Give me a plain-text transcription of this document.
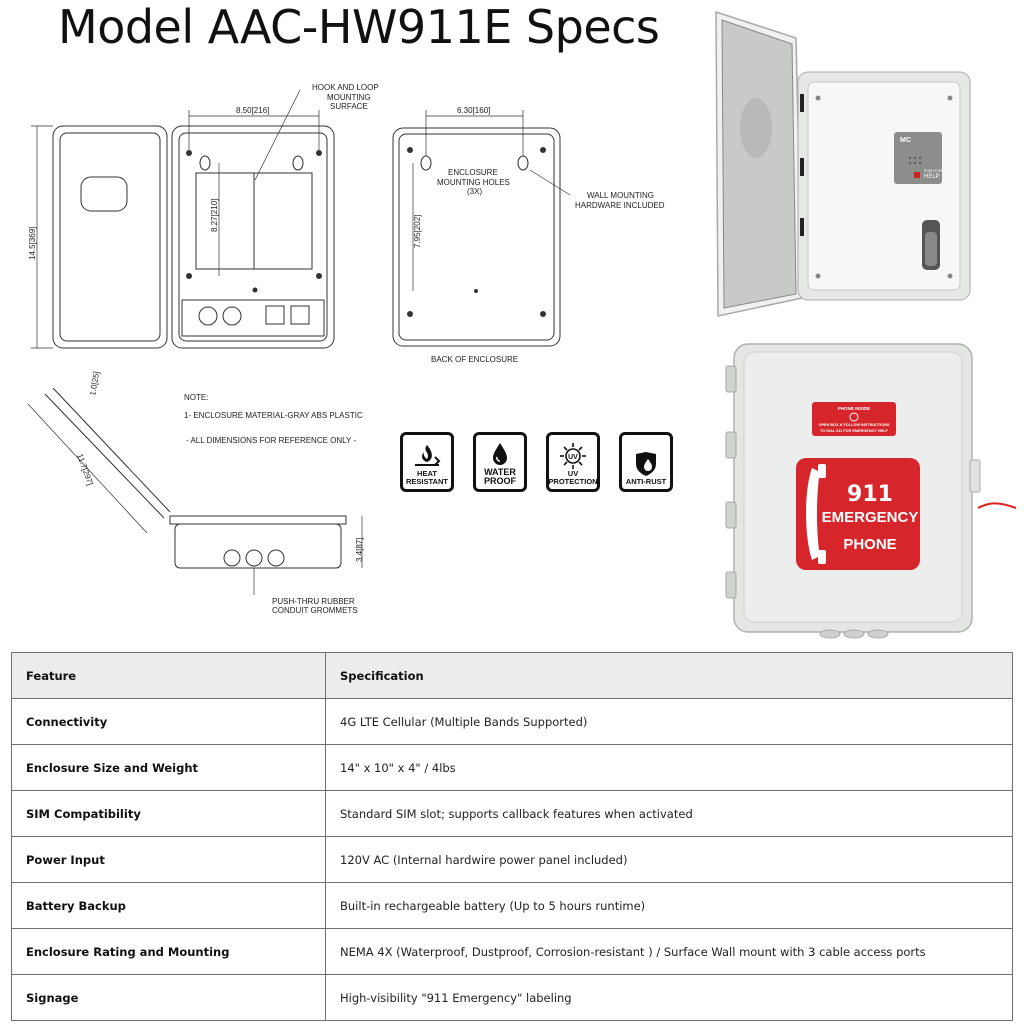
Model AAC-HW911E Specs
8.50[216]
14.5[369]
8.27[210]
HOOK AND LOOP MOUNTING SURFACE	6.30[160]
7.95[202]
ENCLOSURE MOUNTING HOLES (3X)	WALL MOUNTING HARDWARE INCLUDED
BACK OF ENCLOSURE
1.0[25]
11.7[297]
3.4[87]
PUSH-THRU RUBBER CONDUIT GROMMETS
NOTE:
1- ENCLOSURE MATERIAL-GRAY ABS PLASTIC
- ALL DIMENSIONS FOR REFERENCE ONLY -
HEAT
RESISTANT
WATER
PROOF
UV
UV
PROTECTION	ANTI-RUST
MC
PUSH FOR
HELP
PHONE INSIDE
OPEN BOX & FOLLOW INSTRUCTIONS
TO DIAL 911 FOR EMERGENCY HELP
911
EMERGENCY
PHONE
Feature	Specification
Connectivity	4G LTE Cellular (Multiple Bands Supported)
Enclosure Size and Weight	14" x 10" x 4" / 4lbs
SIM Compatibility	Standard SIM slot; supports callback features when activated
Power Input	120V AC (Internal hardwire power panel included)
Battery Backup	Built-in rechargeable battery (Up to 5 hours runtime)
Enclosure Rating and Mounting	NEMA 4X (Waterproof, Dustproof, Corrosion-resistant ) / Surface Wall mount with 3 cable access ports
Signage	High-visibility "911 Emergency" labeling
